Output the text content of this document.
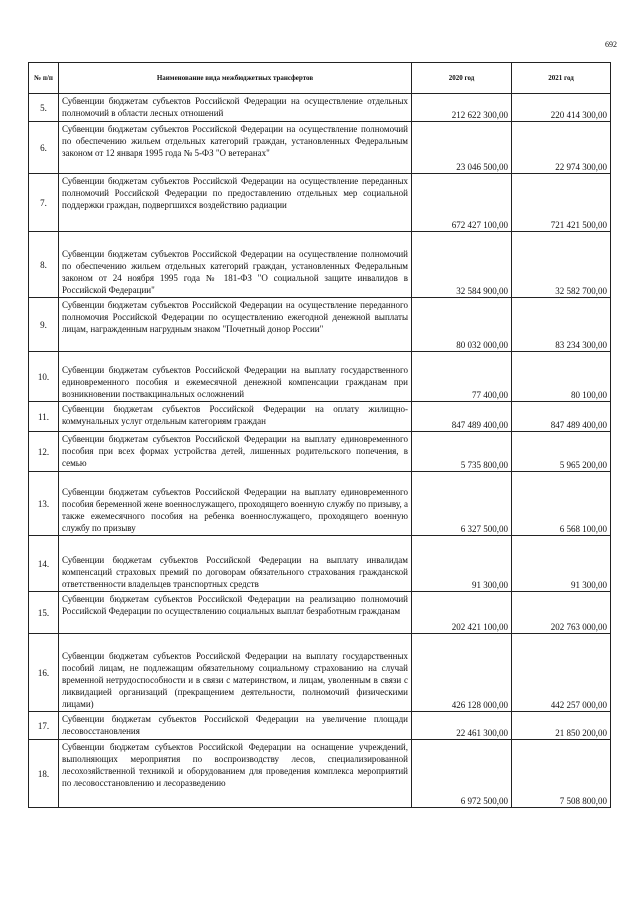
692
№ п/п	Наименование вида межбюджетных трансфертов	2020 год	2021 год
5.	Субвенции бюджетам субъектов Российской Федерации на осуществление отдельных полномочий в области лесных отношений	212 622 300,00	220 414 300,00
6.	Субвенции бюджетам субъектов Российской Федерации на осуществление полномочий по обеспечению жильем отдельных категорий граждан, установленных Федеральным законом от 12 января 1995 года № 5-ФЗ "О ветеранах"	23 046 500,00	22 974 300,00
7.	Субвенции бюджетам субъектов Российской Федерации на осуществление переданных полномочий Российской Федерации по предоставлению отдельных мер социальной поддержки граждан, подвергшихся воздействию радиации	672 427 100,00	721 421 500,00
8.	Субвенции бюджетам субъектов Российской Федерации на осуществление полномочий по обеспечению жильем отдельных категорий граждан, установленных Федеральным законом от 24 ноября 1995 года № 181-ФЗ "О социальной защите инвалидов в Российской Федерации"	32 584 900,00	32 582 700,00
9.	Субвенции бюджетам субъектов Российской Федерации на осуществление переданного полномочия Российской Федерации по осуществлению ежегодной денежной выплаты лицам, награжденным нагрудным знаком "Почетный донор России"	80 032 000,00	83 234 300,00
10.	Субвенции бюджетам субъектов Российской Федерации на выплату государственного единовременного пособия и ежемесячной денежной компенсации гражданам при возникновении поствакцинальных осложнений	77 400,00	80 100,00
11.	Субвенции бюджетам субъектов Российской Федерации на оплату жилищно-коммунальных услуг отдельным категориям граждан	847 489 400,00	847 489 400,00
12.	Субвенции бюджетам субъектов Российской Федерации на выплату единовременного пособия при всех формах устройства детей, лишенных родительского попечения, в семью	5 735 800,00	5 965 200,00
13.	Субвенции бюджетам субъектов Российской Федерации на выплату единовременного пособия беременной жене военнослужащего, проходящего военную службу по призыву, а также ежемесячного пособия на ребенка военнослужащего, проходящего военную службу по призыву	6 327 500,00	6 568 100,00
14.	Субвенции бюджетам субъектов Российской Федерации на выплату инвалидам компенсаций страховых премий по договорам обязательного страхования гражданской ответственности владельцев транспортных средств	91 300,00	91 300,00
15.	Субвенции бюджетам субъектов Российской Федерации на реализацию полномочий Российской Федерации по осуществлению социальных выплат безработным гражданам	202 421 100,00	202 763 000,00
16.	Субвенции бюджетам субъектов Российской Федерации на выплату государственных пособий лицам, не подлежащим обязательному социальному страхованию на случай временной нетрудоспособности и в связи с материнством, и лицам, уволенным в связи с ликвидацией организаций (прекращением деятельности, полномочий физическими лицами)	426 128 000,00	442 257 000,00
17.	Субвенции бюджетам субъектов Российской Федерации на увеличение площади лесовосстановления	22 461 300,00	21 850 200,00
18.	Субвенции бюджетам субъектов Российской Федерации на оснащение учреждений, выполняющих мероприятия по воспроизводству лесов, специализированной лесохозяйственной техникой и оборудованием для проведения комплекса мероприятий по лесовосстановлению и лесоразведению	6 972 500,00	7 508 800,00
